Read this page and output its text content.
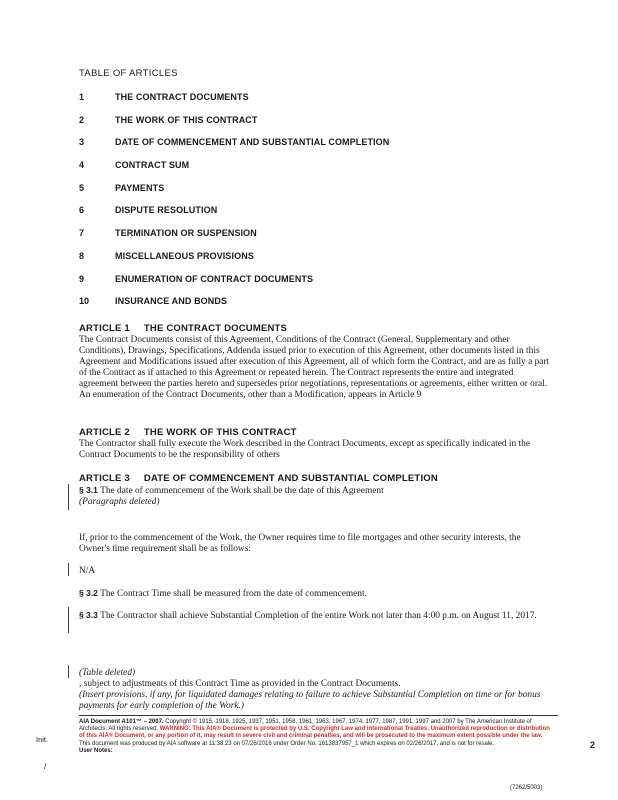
TABLE OF ARTICLES
1	THE CONTRACT DOCUMENTS
2	THE WORK OF THIS CONTRACT
3	DATE OF COMMENCEMENT AND SUBSTANTIAL COMPLETION
4	CONTRACT SUM
5	PAYMENTS
6	DISPUTE RESOLUTION
7	TERMINATION OR SUSPENSION
8	MISCELLANEOUS PROVISIONS
9	ENUMERATION OF CONTRACT DOCUMENTS
10	INSURANCE AND BONDS
ARTICLE 1 THE CONTRACT DOCUMENTS
The Contract Documents consist of this Agreement, Conditions of the Contract (General, Supplementary and other Conditions), Drawings, Specifications, Addenda issued prior to execution of this Agreement, other documents listed in this Agreement and Modifications issued after execution of this Agreement, all of which form the Contract, and are as fully a part of the Contract as if attached to this Agreement or repeated herein. The Contract represents the entire and integrated agreement between the parties hereto and supersedes prior negotiations, representations or agreements, either written or oral. An enumeration of the Contract Documents, other than a Modification, appears in Article 9
ARTICLE 2 THE WORK OF THIS CONTRACT
The Contractor shall fully execute the Work described in the Contract Documents, except as specifically indicated in the Contract Documents to be the responsibility of others
ARTICLE 3 DATE OF COMMENCEMENT AND SUBSTANTIAL COMPLETION
§ 3.1 The date of commencement of the Work shall be the date of this Agreement
(Paragraphs deleted)
If, prior to the commencement of the Work, the Owner requires time to file mortgages and other security interests, the Owner's time requirement shall be as follows:
N/A
§ 3.2 The Contract Time shall be measured from the date of commencement.
§ 3.3 The Contractor shall achieve Substantial Completion of the entire Work not later than 4:00 p.m. on August 11, 2017.
(Table deleted)
, subject to adjustments of this Contract Time as provided in the Contract Documents.
(Insert provisions, if any, for liquidated damages relating to failure to achieve Substantial Completion on time or for bonus payments for early completion of the Work.)
Init.
/
AIA Document A101™ – 2007. Copyright © 1915, 1918, 1925, 1937, 1951, 1958, 1961, 1963, 1967, 1974, 1977, 1987, 1991, 1997 and 2007 by The American Institute of Architects. All rights reserved. WARNING: This AIA® Document is protected by U.S. Copyright Law and International Treaties. Unauthorized reproduction or distribution of this AIA® Document, or any portion of it, may result in severe civil and criminal penalties, and will be prosecuted to the maximum extent possible under the law. This document was produced by AIA software at 11:38:23 on 07/26/2016 under Order No. 1613837957_1 which expires on 02/26/2017, and is not for resale.
User Notes:
2
(7262/5003)
